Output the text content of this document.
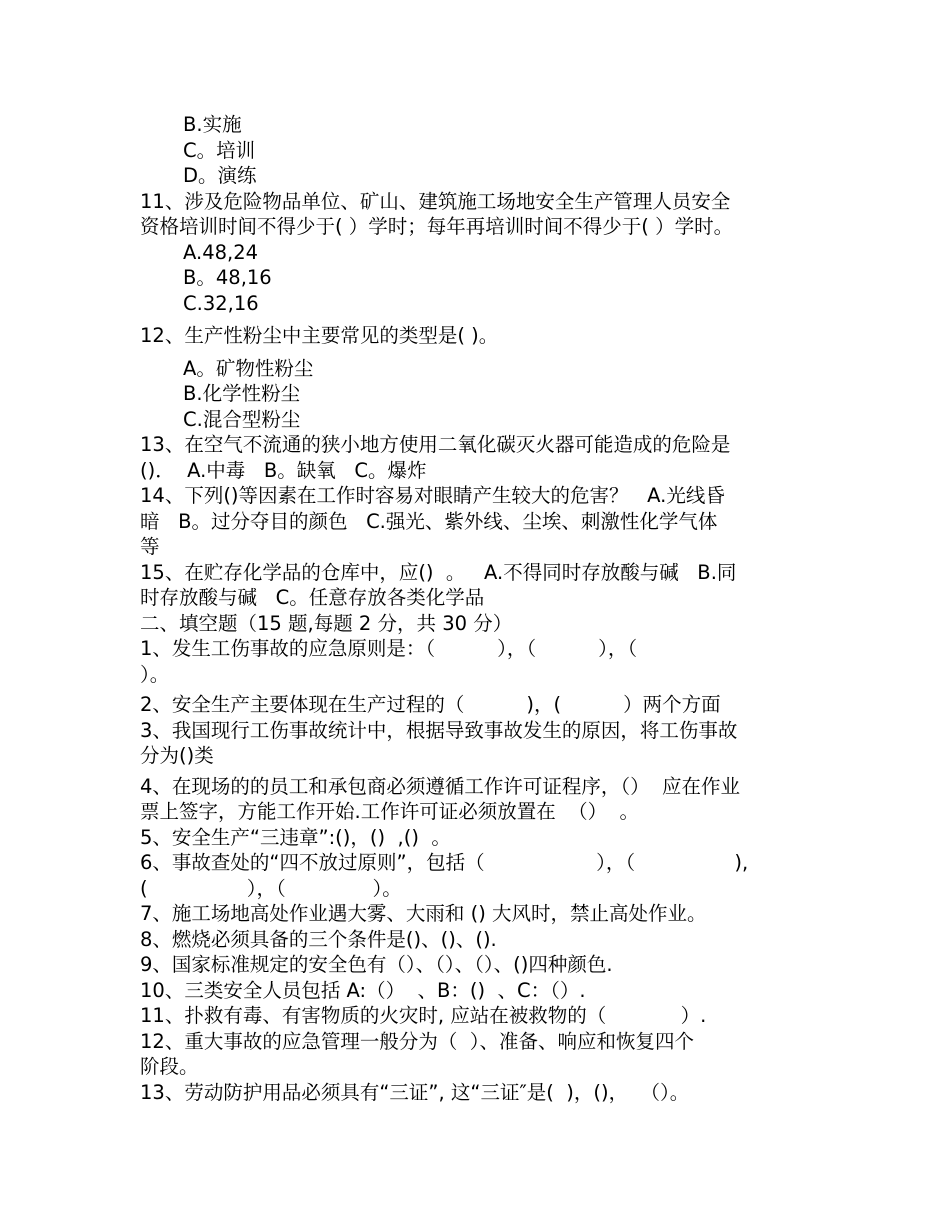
B.实施
C。培训
D。演练
11、涉及危险物品单位、矿山、建筑施工场地安全生产管理人员安全
资格培训时间不得少于( ）学时；每年再培训时间不得少于( ）学时。
A.48,24
B。48,16
C.32,16
12、生产性粉尘中主要常见的类型是( )。
A。矿物性粉尘
B.化学性粉尘
C.混合型粉尘
13、在空气不流通的狭小地方使用二氧化碳灭火器可能造成的危险是
()．  A.中毒   B。缺氧   C。爆炸
14、下列()等因素在工作时容易对眼睛产生较大的危害？   A.光线昏
暗   B。过分夺目的颜色   C.强光、紫外线、尘埃、刺激性化学气体
等
15、在贮存化学品的仓库中，应()  。   A.不得同时存放酸与碱   B.同
时存放酸与碱   C。任意存放各类化学品
二、填空题（15 题,每题 2 分，共 30 分）
1、发生工伤事故的应急原则是：（          ），（          ），（
）。
2、安全生产主要体现在生产过程的（          )，(          ）两个方面
3、我国现行工伤事故统计中，根据导致事故发生的原因，将工伤事故
分为()类
4、在现场的的员工和承包商必须遵循工作许可证程序，（）  应在作业
票上签字，方能工作开始.工作许可证必须放置在  （）  。
5、安全生产“三违章”:()，()  ,()  。
6、事故查处的“四不放过原则”，包括（                  ），（                ),
(                ），（              ）。
7、施工场地高处作业遇大雾、大雨和 () 大风时，禁止高处作业。
8、燃烧必须具备的三个条件是()、()、().
9、国家标准规定的安全色有（）、（）、（）、()四种颜色.
10、三类安全人员包括 A:（）  、B：()  、C：（）.
11、扑救有毒、有害物质的火灾时, 应站在被救物的（            ）.
12、重大事故的应急管理一般分为（  ）、准备、响应和恢复四个
阶段。
13、劳动防护用品必须具有“三证”, 这“三证″是(  )，()，  （）。
